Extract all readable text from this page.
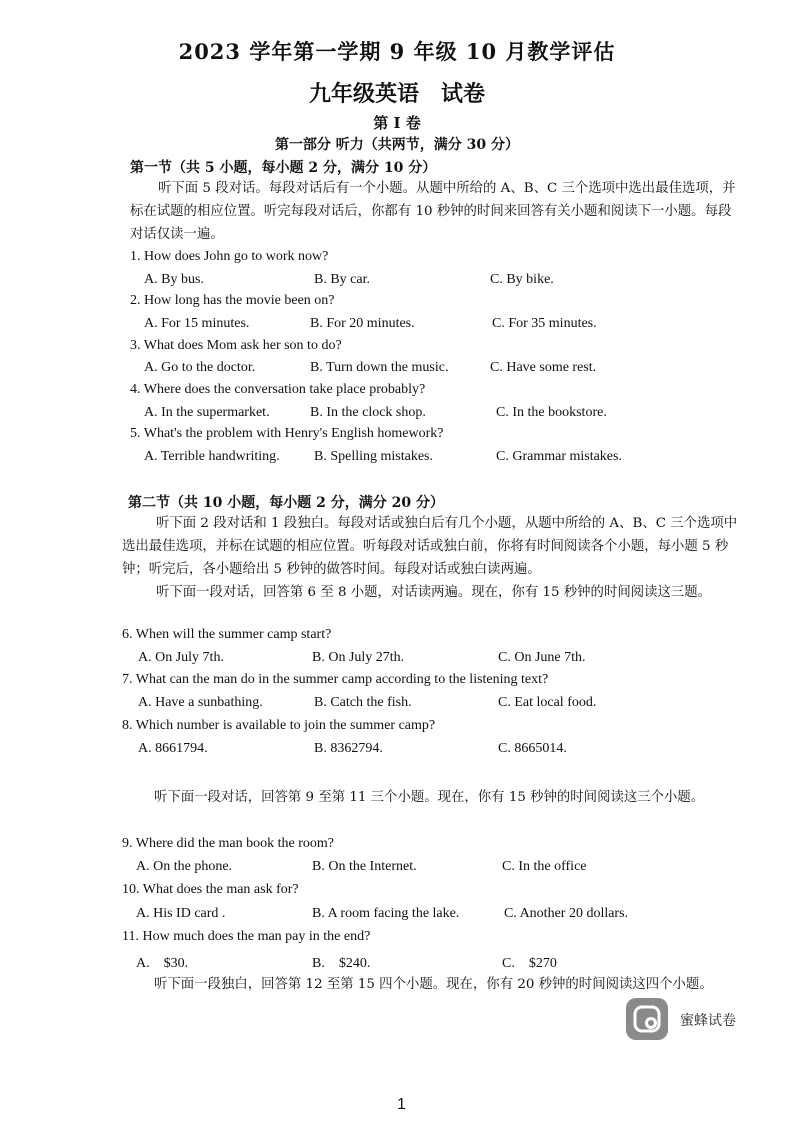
2023 学年第一学期 9 年级 10 月教学评估
九年级英语　试卷
第 I 卷
第一部分 听力（共两节，满分 30 分）
第一节（共 5 小题，每小题 2 分，满分 10 分）
听下面 5 段对话。每段对话后有一个小题。从题中所给的 A、B、C 三个选项中选出最佳选项，并标在试题的相应位置。听完每段对话后，你都有 10 秒钟的时间来回答有关小题和阅读下一小题。每段对话仅读一遍。
1. How does John go to work now?
A. By bus.	B. By car.	C. By bike.
2. How long has the movie been on?
A. For 15 minutes.	B. For 20 minutes.	C. For 35 minutes.
3. What does Mom ask her son to do?
A. Go to the doctor.	B. Turn down the music.	C. Have some rest.
4. Where does the conversation take place probably?
A. In the supermarket.	B. In the clock shop.	C. In the bookstore.
5. What's the problem with Henry's English homework?
A. Terrible handwriting. B. Spelling mistakes.	C. Grammar mistakes.
第二节（共 10 小题，每小题 2 分，满分 20 分）
听下面 2 段对话和 1 段独白。每段对话或独白后有几个小题，从题中所给的 A、B、C 三个选项中选出最佳选项，并标在试题的相应位置。听每段对话或独白前，你将有时间阅读各个小题，每小题 5 秒钟；听完后，各小题给出 5 秒钟的做答时间。每段对话或独白读两遍。
听下面一段对话，回答第 6 至 8 小题，对话读两遍。现在，你有 15 秒钟的时间阅读这三题。
6. When will the summer camp start?
A. On July 7th.	B. On July 27th.	C. On June 7th.
7. What can the man do in the summer camp according to the listening text?
A. Have a sunbathing.	B. Catch the fish.	C. Eat local food.
8. Which number is available to join the summer camp?
A. 8661794.	B. 8362794.	C. 8665014.
听下面一段对话，回答第 9 至第 11 三个小题。现在，你有 15 秒钟的时间阅读这三个小题。
9. Where did the man book the room?
A. On the phone.	B. On the Internet.	C. In the office
10. What does the man ask for?
A. His ID card .	B. A room facing the lake.	C. Another 20 dollars.
11. How much does the man pay in the end?
A.　$30.	B.　$240.	C.　$270
听下面一段独白，回答第 12 至第 15 四个小题。现在，你有 20 秒钟的时间阅读这四个小题。
蜜蜂试卷
1
